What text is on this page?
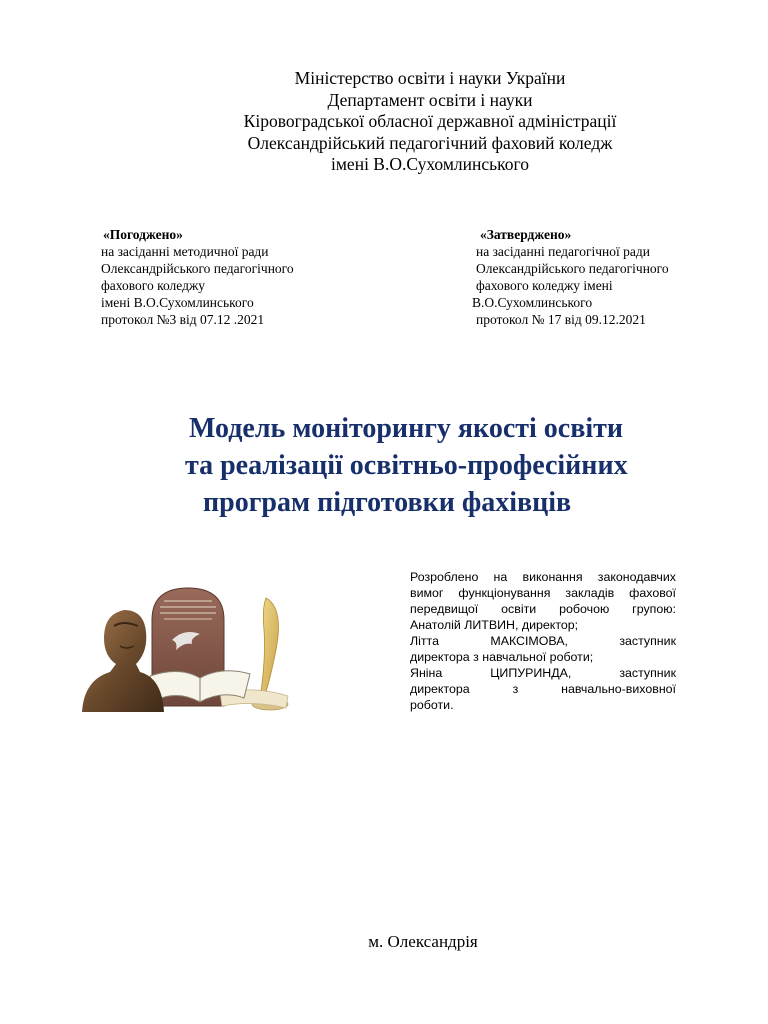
Міністерство освіти і науки України
Департамент освіти і науки
Кіровоградської обласної державної адміністрації
Олександрійський педагогічний фаховий коледж
імені В.О.Сухомлинського
«Погоджено»
на засіданні методичної ради
Олександрійського педагогічного
фахового коледжу
імені В.О.Сухомлинського
протокол №3 від 07.12 .2021
«Затверджено»
на засіданні педагогічної ради
Олександрійського педагогічного
фахового коледжу імені
В.О.Сухомлинського
протокол № 17 від 09.12.2021
Модель моніторингу якості освіти
та реалізації освітньо-професійних
програм підготовки фахівців
Розроблено на виконання законодавчих
вимог функціонування закладів фахової
передвищої освіти робочою групою:
Анатолій ЛИТВИН, директор;
Літта МАКСІМОВА, заступник
директора з навчальної роботи;
Яніна ЦИПУРИНДА, заступник
директора з навчально-виховної
роботи.
м. Олександрія
